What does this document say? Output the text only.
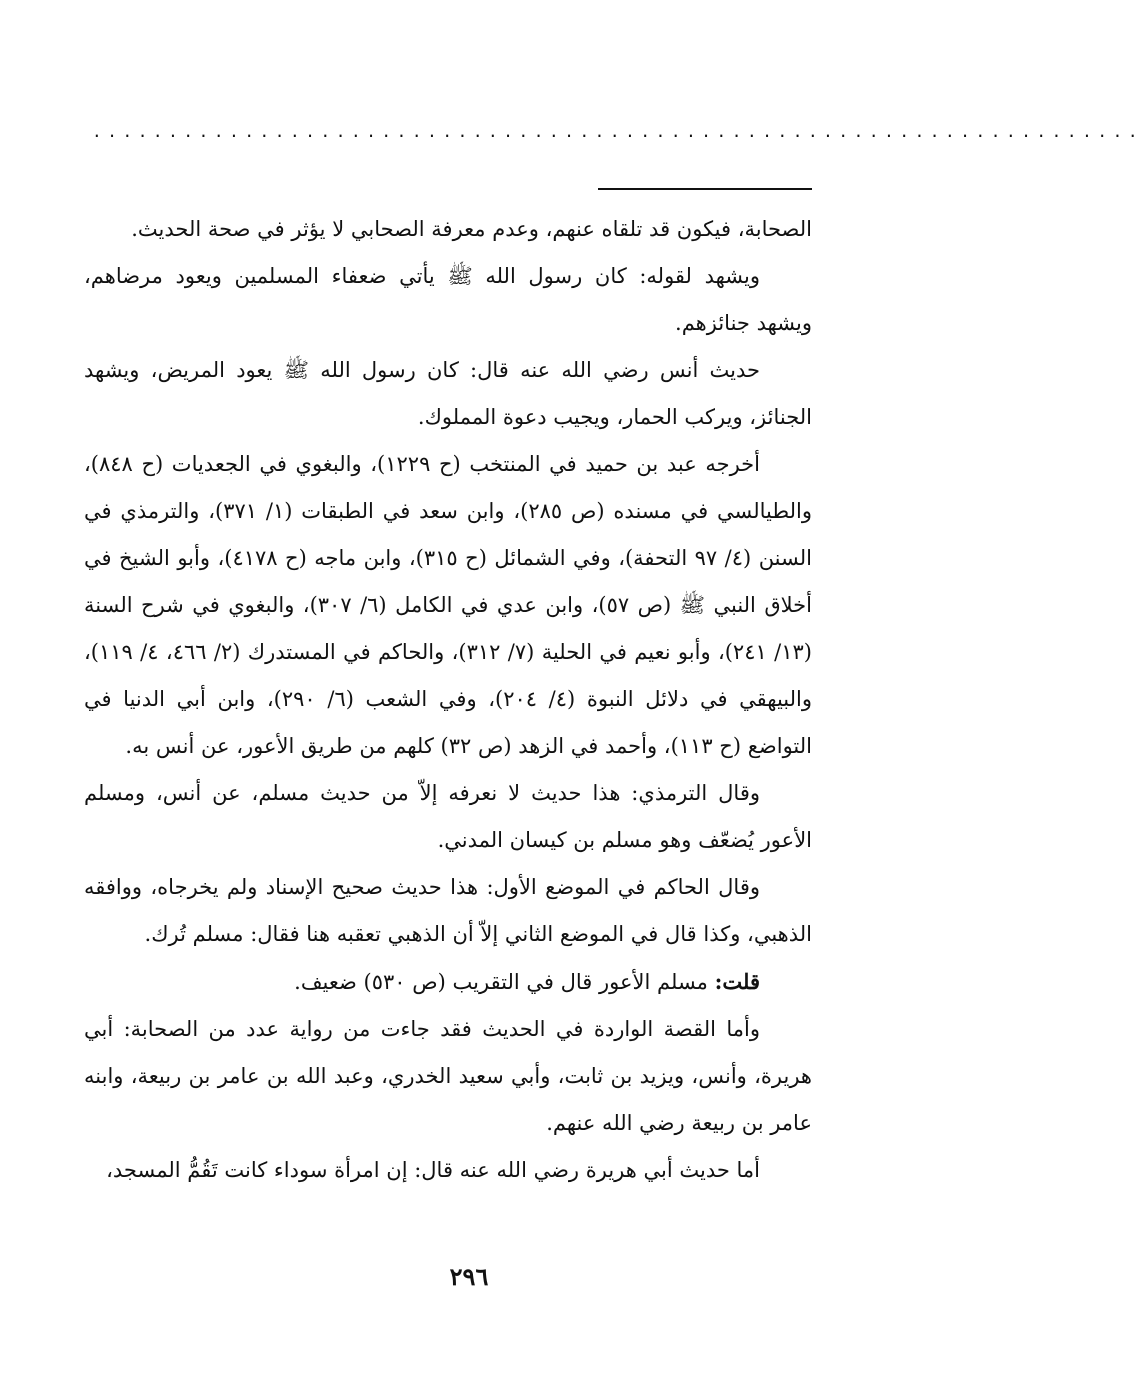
.....................................................................

الصحابة، فيكون قد تلقاه عنهم، وعدم معرفة الصحابي لا يؤثر في صحة الحديث.

ويشهد لقوله: كان رسول الله ﷺ يأتي ضعفاء المسلمين ويعود مرضاهم، ويشهد جنائزهم.

حديث أنس رضي الله عنه قال: كان رسول الله ﷺ يعود المريض، ويشهد الجنائز، ويركب الحمار، ويجيب دعوة المملوك.

أخرجه عبد بن حميد في المنتخب (ح ١٢٢٩)، والبغوي في الجعديات (ح ٨٤٨)، والطيالسي في مسنده (ص ٢٨٥)، وابن سعد في الطبقات (١/ ٣٧١)، والترمذي في السنن (٤/ ٩٧ التحفة)، وفي الشمائل (ح ٣١٥)، وابن ماجه (ح ٤١٧٨)، وأبو الشيخ في أخلاق النبي ﷺ (ص ٥٧)، وابن عدي في الكامل (٦/ ٣٠٧)، والبغوي في شرح السنة (١٣/ ٢٤١)، وأبو نعيم في الحلية (٧/ ٣١٢)، والحاكم في المستدرك (٢/ ٤٦٦، ٤/ ١١٩)، والبيهقي في دلائل النبوة (٤/ ٢٠٤)، وفي الشعب (٦/ ٢٩٠)، وابن أبي الدنيا في التواضع (ح ١١٣)، وأحمد في الزهد (ص ٣٢) كلهم من طريق الأعور، عن أنس به.

وقال الترمذي: هذا حديث لا نعرفه إلاّ من حديث مسلم، عن أنس، ومسلم الأعور يُضعّف وهو مسلم بن كيسان المدني.

وقال الحاكم في الموضع الأول: هذا حديث صحيح الإسناد ولم يخرجاه، ووافقه الذهبي، وكذا قال في الموضع الثاني إلاّ أن الذهبي تعقبه هنا فقال: مسلم تُرك.

قلت: مسلم الأعور قال في التقريب (ص ٥٣٠) ضعيف.

وأما القصة الواردة في الحديث فقد جاءت من رواية عدد من الصحابة: أبي هريرة، وأنس، ويزيد بن ثابت، وأبي سعيد الخدري، وعبد الله بن عامر بن ربيعة، وابنه عامر بن ربيعة رضي الله عنهم.

أما حديث أبي هريرة رضي الله عنه قال: إن امرأة سوداء كانت تَقُمُّ المسجد،

٢٩٦
